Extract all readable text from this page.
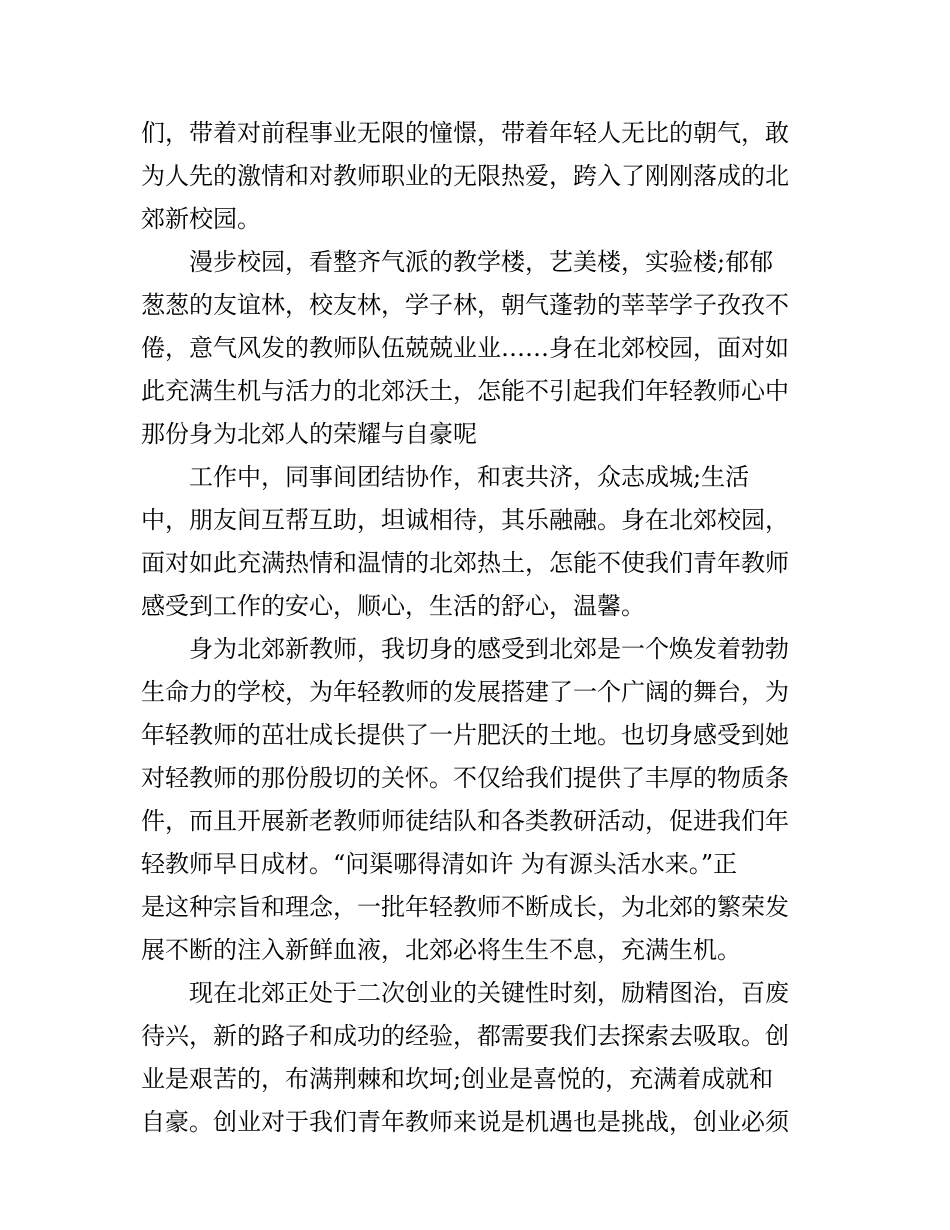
们，带着对前程事业无限的憧憬，带着年轻人无比的朝气，敢
为人先的激情和对教师职业的无限热爱，跨入了刚刚落成的北
郊新校园。
漫步校园，看整齐气派的教学楼，艺美楼，实验楼;郁郁
葱葱的友谊林，校友林，学子林，朝气蓬勃的莘莘学子孜孜不
倦，意气风发的教师队伍兢兢业业……身在北郊校园，面对如
此充满生机与活力的北郊沃土，怎能不引起我们年轻教师心中
那份身为北郊人的荣耀与自豪呢
工作中，同事间团结协作，和衷共济，众志成城;生活
中，朋友间互帮互助，坦诚相待，其乐融融。身在北郊校园，
面对如此充满热情和温情的北郊热土，怎能不使我们青年教师
感受到工作的安心，顺心，生活的舒心，温馨。
身为北郊新教师，我切身的感受到北郊是一个焕发着勃勃
生命力的学校，为年轻教师的发展搭建了一个广阔的舞台，为
年轻教师的茁壮成长提供了一片肥沃的土地。也切身感受到她
对轻教师的那份殷切的关怀。不仅给我们提供了丰厚的物质条
件，而且开展新老教师师徒结队和各类教研活动，促进我们年
轻教师早日成材。“问渠哪得清如许 为有源头活水来。”正
是这种宗旨和理念，一批年轻教师不断成长，为北郊的繁荣发
展不断的注入新鲜血液，北郊必将生生不息，充满生机。
现在北郊正处于二次创业的关键性时刻，励精图治，百废
待兴，新的路子和成功的经验，都需要我们去探索去吸取。创
业是艰苦的，布满荆棘和坎坷;创业是喜悦的，充满着成就和
自豪。创业对于我们青年教师来说是机遇也是挑战，创业必须
